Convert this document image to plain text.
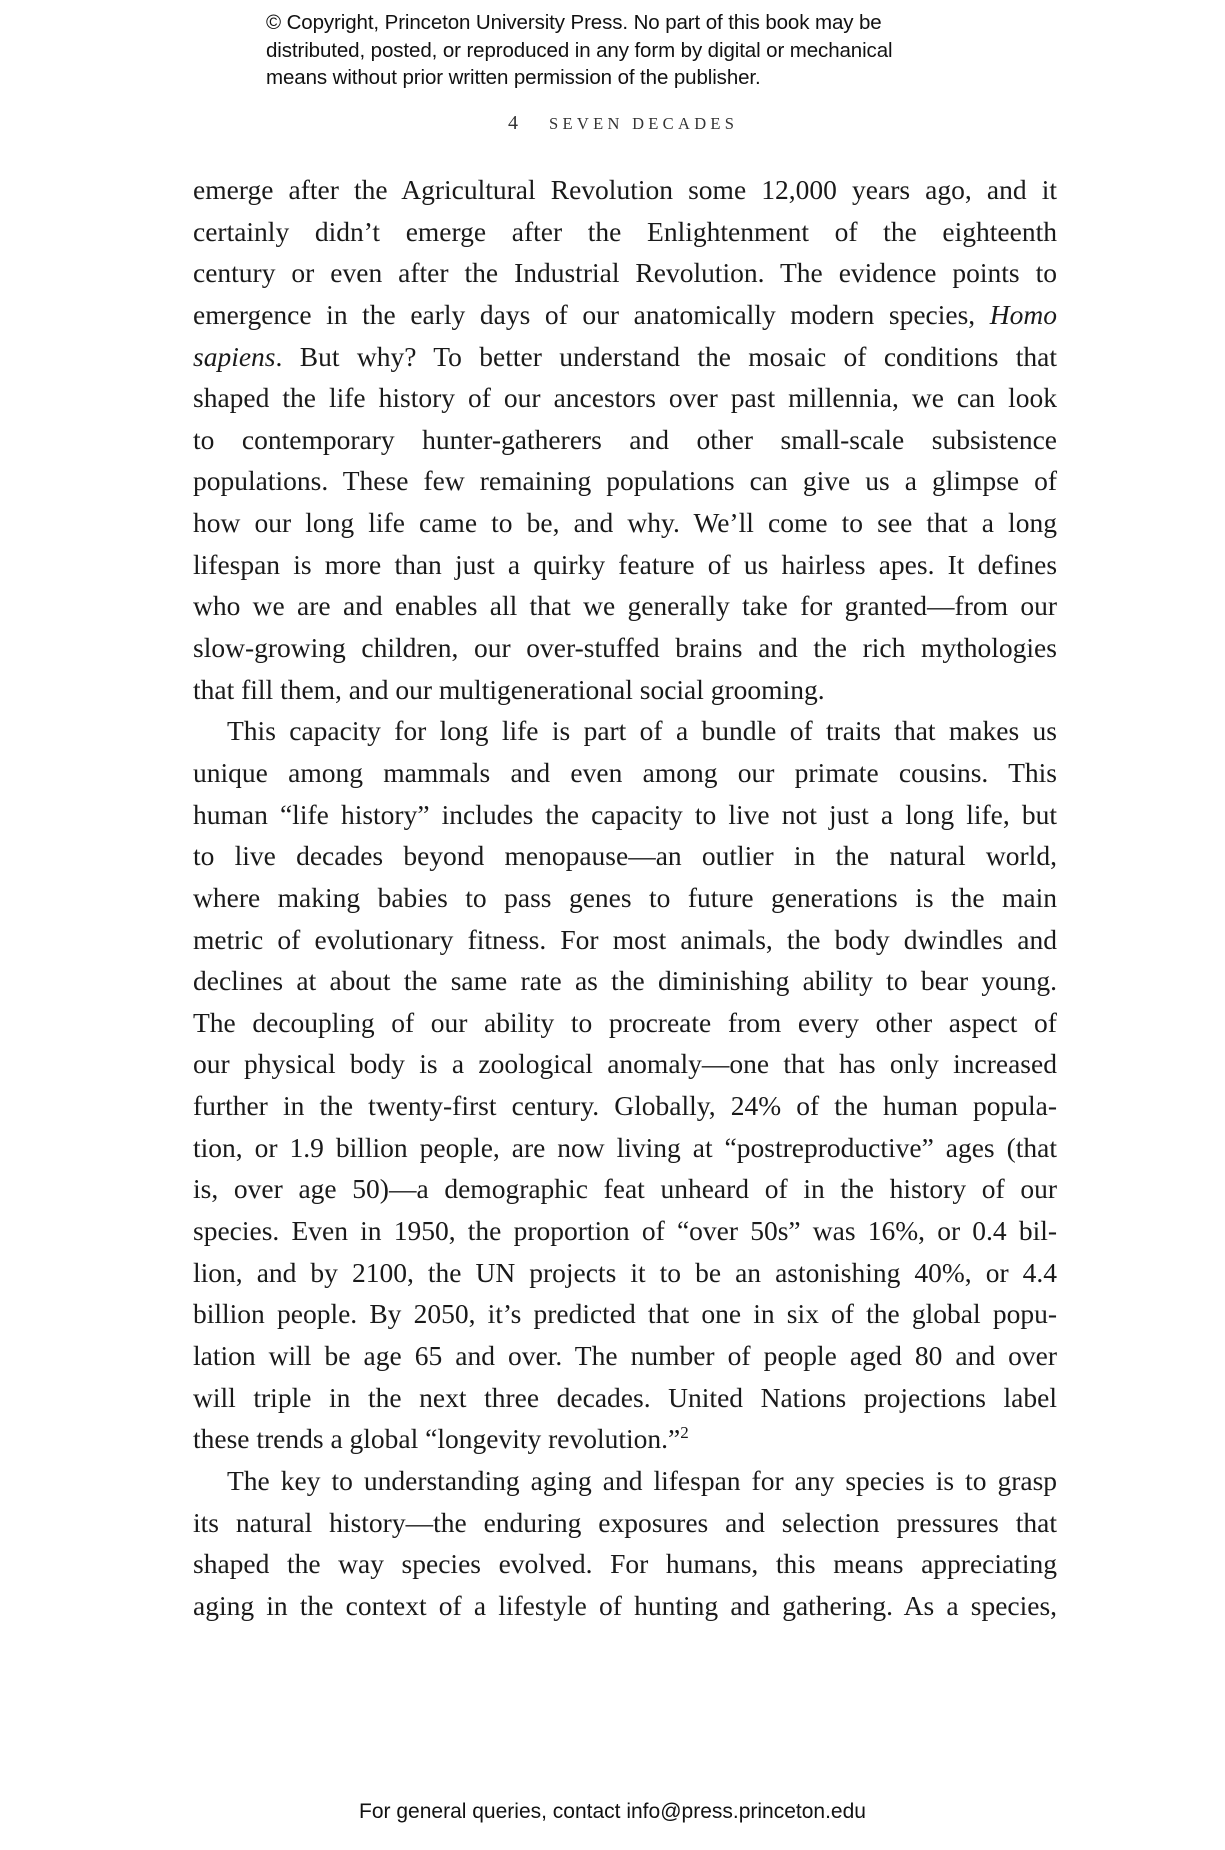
© Copyright, Princeton University Press. No part of this book may be
distributed, posted, or reproduced in any form by digital or mechanical
means without prior written permission of the publisher.
4 SEVEN DECADES
emerge after the Agricultural Revolution some 12,000 years ago, and it
certainly didn’t emerge after the Enlightenment of the eighteenth
century or even after the Industrial Revolution. The evidence points to
emergence in the early days of our anatomically modern species, Homo
sapiens. But why? To better understand the mosaic of conditions that
shaped the life history of our ancestors over past millennia, we can look
to contemporary hunter-gatherers and other small-scale subsistence
populations. These few remaining populations can give us a glimpse of
how our long life came to be, and why. We’ll come to see that a long
lifespan is more than just a quirky feature of us hairless apes. It defines
who we are and enables all that we generally take for granted—from our
slow-growing children, our over-stuffed brains and the rich mythologies
that fill them, and our multigenerational social grooming.
This capacity for long life is part of a bundle of traits that makes us
unique among mammals and even among our primate cousins. This
human “life history” includes the capacity to live not just a long life, but
to live decades beyond menopause—an outlier in the natural world,
where making babies to pass genes to future generations is the main
metric of evolutionary fitness. For most animals, the body dwindles and
declines at about the same rate as the diminishing ability to bear young.
The decoupling of our ability to procreate from every other aspect of
our physical body is a zoological anomaly—one that has only increased
further in the twenty-first century. Globally, 24% of the human popula-
tion, or 1.9 billion people, are now living at “postreproductive” ages (that
is, over age 50)—a demographic feat unheard of in the history of our
species. Even in 1950, the proportion of “over 50s” was 16%, or 0.4 bil-
lion, and by 2100, the UN projects it to be an astonishing 40%, or 4.4
billion people. By 2050, it’s predicted that one in six of the global popu-
lation will be age 65 and over. The number of people aged 80 and over
will triple in the next three decades. United Nations projections label
these trends a global “longevity revolution.”$^2$
The key to understanding aging and lifespan for any species is to grasp
its natural history—the enduring exposures and selection pressures that
shaped the way species evolved. For humans, this means appreciating
aging in the context of a lifestyle of hunting and gathering. As a species,
For general queries, contact info@press.princeton.edu
